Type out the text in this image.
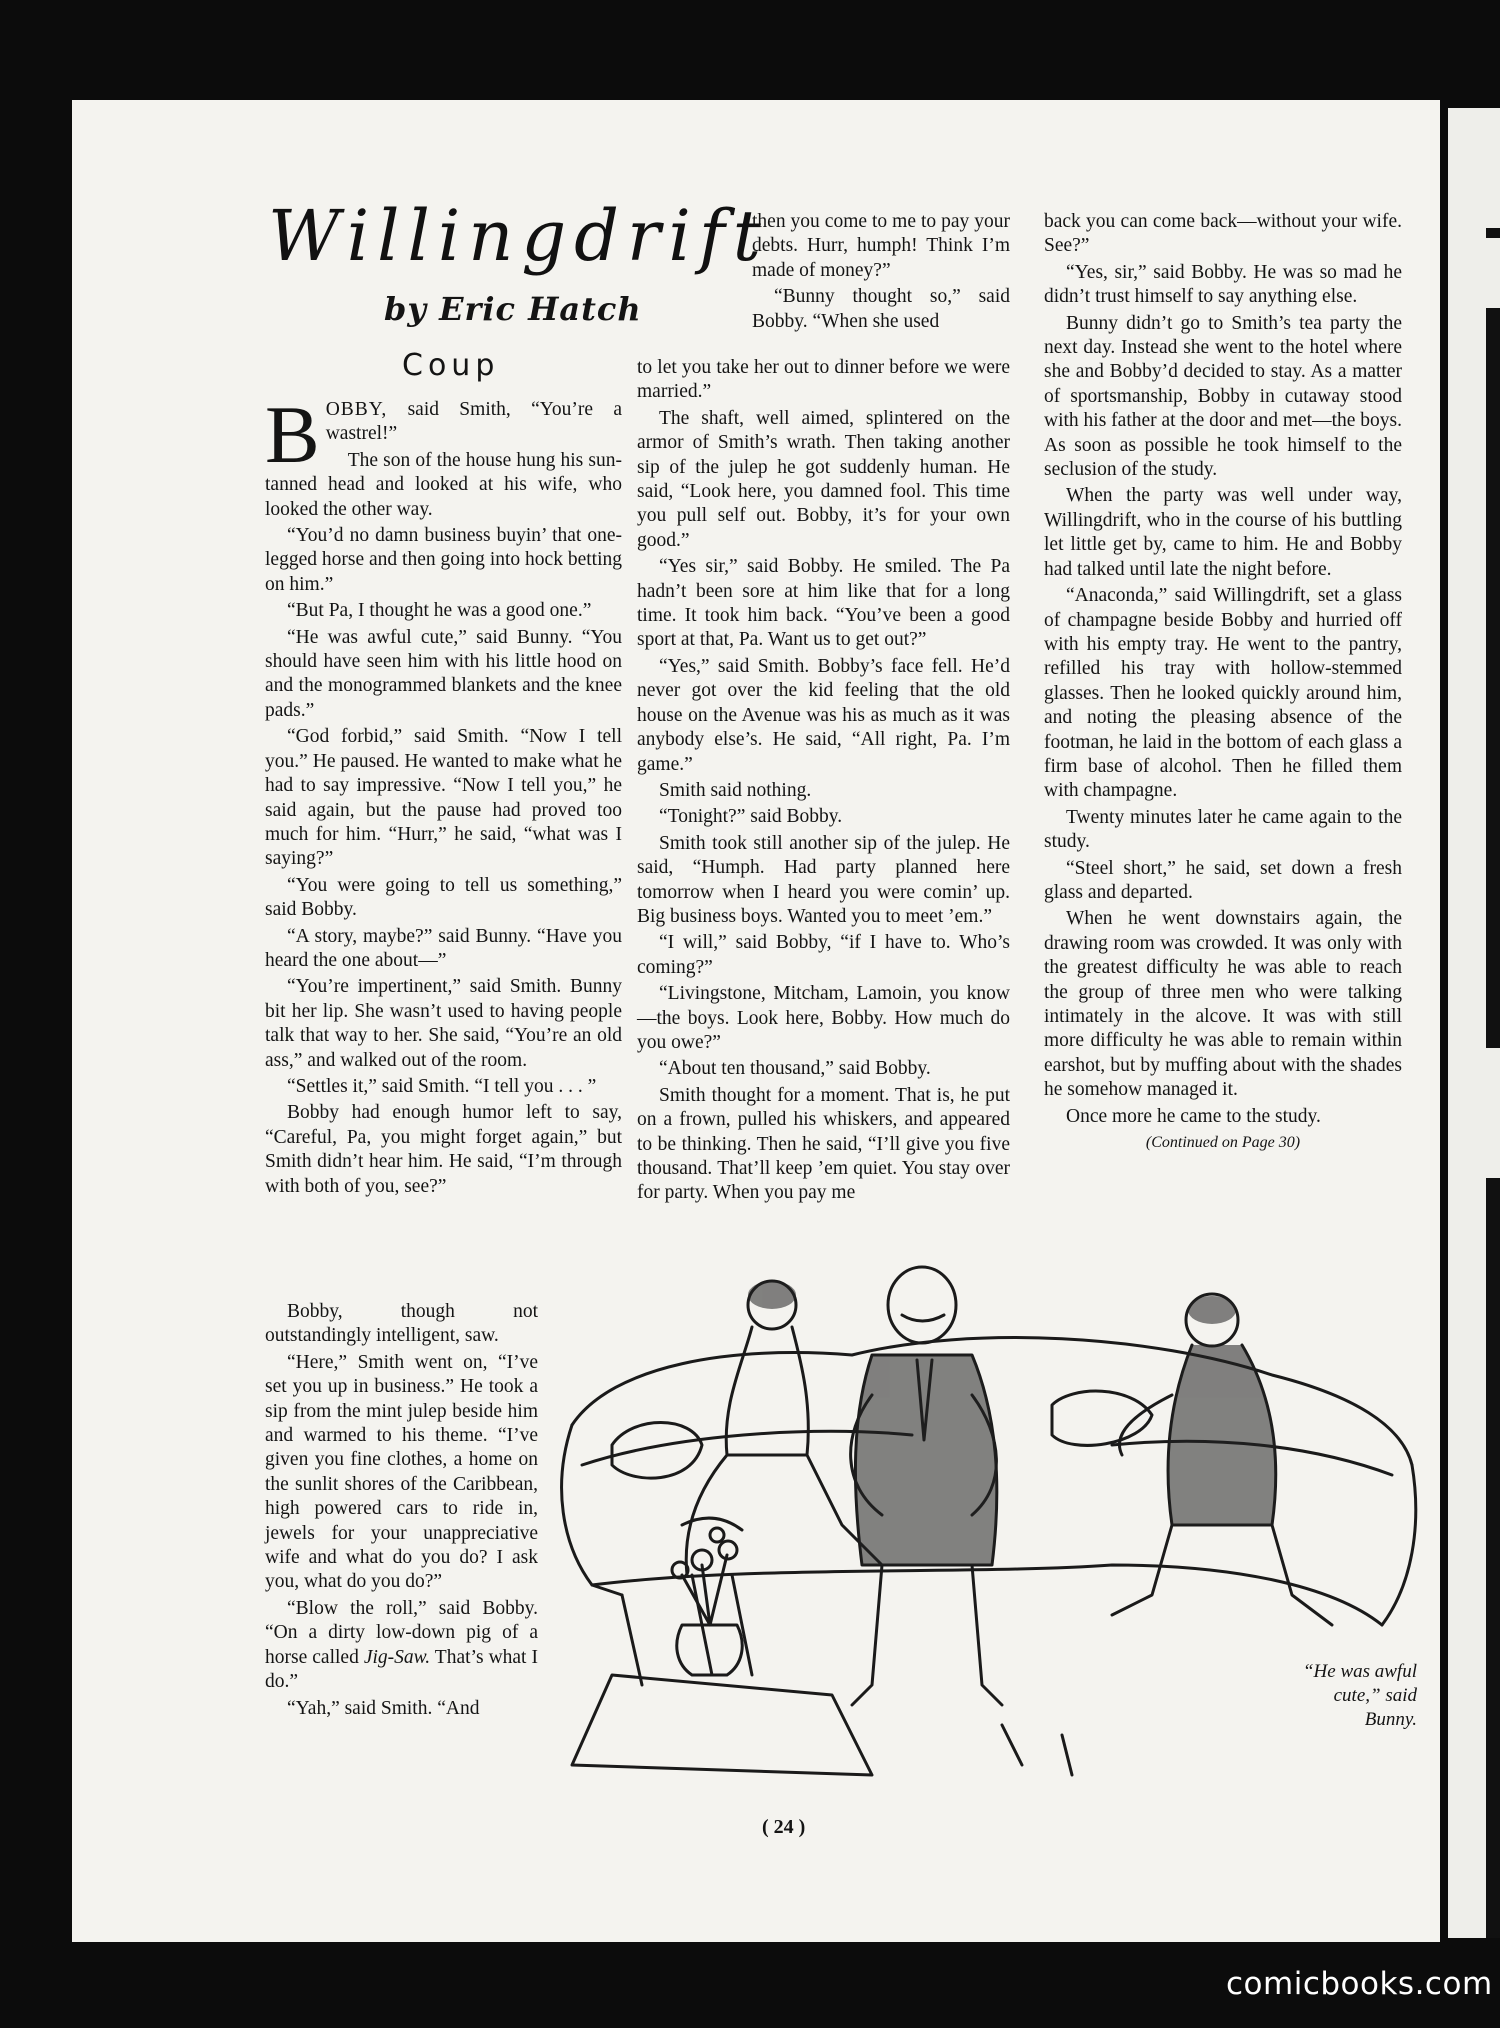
Willingdrift
by Eric Hatch
Coup

BOBBY, said Smith, “You’re a wastrel!”

The son of the house hung his sun-tanned head and looked at his wife, who looked the other way.

“You’d no damn business buyin’ that one-legged horse and then going into hock betting on him.”

“But Pa, I thought he was a good one.”

“He was awful cute,” said Bunny. “You should have seen him with his little hood on and the monogrammed blankets and the knee pads.”

“God forbid,” said Smith. “Now I tell you.” He paused. He wanted to make what he had to say impressive. “Now I tell you,” he said again, but the pause had proved too much for him. “Hurr,” he said, “what was I saying?”

“You were going to tell us something,” said Bobby.

“A story, maybe?” said Bunny. “Have you heard the one about—”

“You’re impertinent,” said Smith. Bunny bit her lip. She wasn’t used to having people talk that way to her. She said, “You’re an old ass,” and walked out of the room.

“Settles it,” said Smith. “I tell you . . . ”

Bobby had enough humor left to say, “Careful, Pa, you might forget again,” but Smith didn’t hear him. He said, “I’m through with both of you, see?”

Bobby, though not outstandingly intelligent, saw.

“Here,” Smith went on, “I’ve set you up in business.” He took a sip from the mint julep beside him and warmed to his theme. “I’ve given you fine clothes, a home on the sunlit shores of the Caribbean, high powered cars to ride in, jewels for your unappreciative wife and what do you do? I ask you, what do you do?”

“Blow the roll,” said Bobby. “On a dirty low-down pig of a horse called Jig-Saw. That’s what I do.”

“Yah,” said Smith. “And

then you come to me to pay your debts. Hurr, humph! Think I’m made of money?”

“Bunny thought so,” said Bobby. “When she used

to let you take her out to dinner before we were married.”

The shaft, well aimed, splintered on the armor of Smith’s wrath. Then taking another sip of the julep he got suddenly human. He said, “Look here, you damned fool. This time you pull self out. Bobby, it’s for your own good.”

“Yes sir,” said Bobby. He smiled. The Pa hadn’t been sore at him like that for a long time. It took him back. “You’ve been a good sport at that, Pa. Want us to get out?”

“Yes,” said Smith. Bobby’s face fell. He’d never got over the kid feeling that the old house on the Avenue was his as much as it was anybody else’s. He said, “All right, Pa. I’m game.”

Smith said nothing.

“Tonight?” said Bobby.

Smith took still another sip of the julep. He said, “Humph. Had party planned here tomorrow when I heard you were comin’ up. Big business boys. Wanted you to meet ’em.”

“I will,” said Bobby, “if I have to. Who’s coming?”

“Livingstone, Mitcham, Lamoin, you know—the boys. Look here, Bobby. How much do you owe?”

“About ten thousand,” said Bobby.

Smith thought for a moment. That is, he put on a frown, pulled his whiskers, and appeared to be thinking. Then he said, “I’ll give you five thousand. That’ll keep ’em quiet. You stay over for party. When you pay me

back you can come back—without your wife. See?”

“Yes, sir,” said Bobby. He was so mad he didn’t trust himself to say anything else.

Bunny didn’t go to Smith’s tea party the next day. Instead she went to the hotel where she and Bobby’d decided to stay. As a matter of sportsmanship, Bobby in cutaway stood with his father at the door and met—the boys. As soon as possible he took himself to the seclusion of the study.

When the party was well under way, Willingdrift, who in the course of his buttling let little get by, came to him. He and Bobby had talked until late the night before.

“Anaconda,” said Willingdrift, set a glass of champagne beside Bobby and hurried off with his empty tray. He went to the pantry, refilled his tray with hollow-stemmed glasses. Then he looked quickly around him, and noting the pleasing absence of the footman, he laid in the bottom of each glass a firm base of alcohol. Then he filled them with champagne.

Twenty minutes later he came again to the study.

“Steel short,” he said, set down a fresh glass and departed.

When he went downstairs again, the drawing room was crowded. It was only with the greatest difficulty he was able to reach the group of three men who were talking intimately in the alcove. It was with still more difficulty he was able to remain within earshot, but by muffing about with the shades he somehow managed it.

Once more he came to the study.

(Continued on Page 30)
“He was awful
cute,” said Bunny.
( 24 )
comicbooks.com
